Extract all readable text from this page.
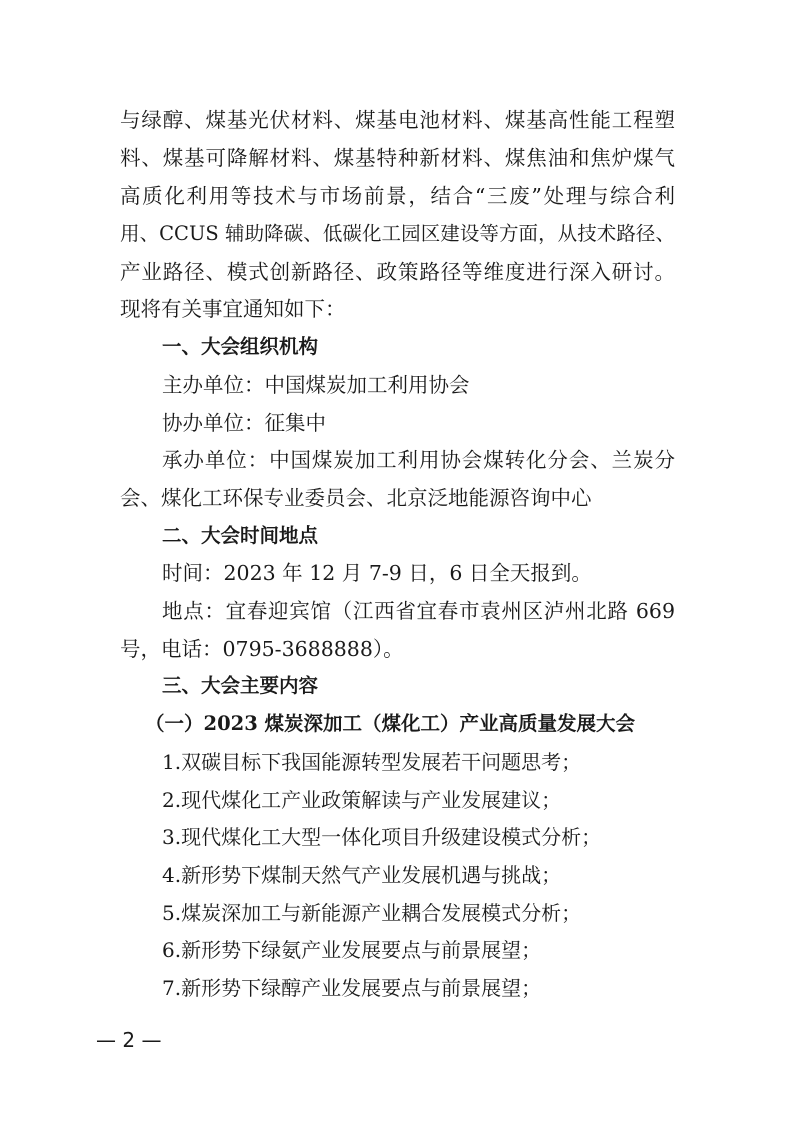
与绿醇、煤基光伏材料、煤基电池材料、煤基高性能工程塑
料、煤基可降解材料、煤基特种新材料、煤焦油和焦炉煤气
高质化利用等技术与市场前景，结合“三废”处理与综合利
用、CCUS 辅助降碳、低碳化工园区建设等方面，从技术路径、
产业路径、模式创新路径、政策路径等维度进行深入研讨。
现将有关事宜通知如下：
一、大会组织机构
主办单位：中国煤炭加工利用协会
协办单位：征集中
承办单位：中国煤炭加工利用协会煤转化分会、兰炭分
会、煤化工环保专业委员会、北京泛地能源咨询中心
二、大会时间地点
时间：2023 年 12 月 7-9 日，6 日全天报到。
地点：宜春迎宾馆（江西省宜春市袁州区泸州北路 669
号，电话：0795-3688888）。
三、大会主要内容
（一）2023 煤炭深加工（煤化工）产业高质量发展大会
1.双碳目标下我国能源转型发展若干问题思考；
2.现代煤化工产业政策解读与产业发展建议；
3.现代煤化工大型一体化项目升级建设模式分析；
4.新形势下煤制天然气产业发展机遇与挑战；
5.煤炭深加工与新能源产业耦合发展模式分析；
6.新形势下绿氨产业发展要点与前景展望；
7.新形势下绿醇产业发展要点与前景展望；
— 2 —
